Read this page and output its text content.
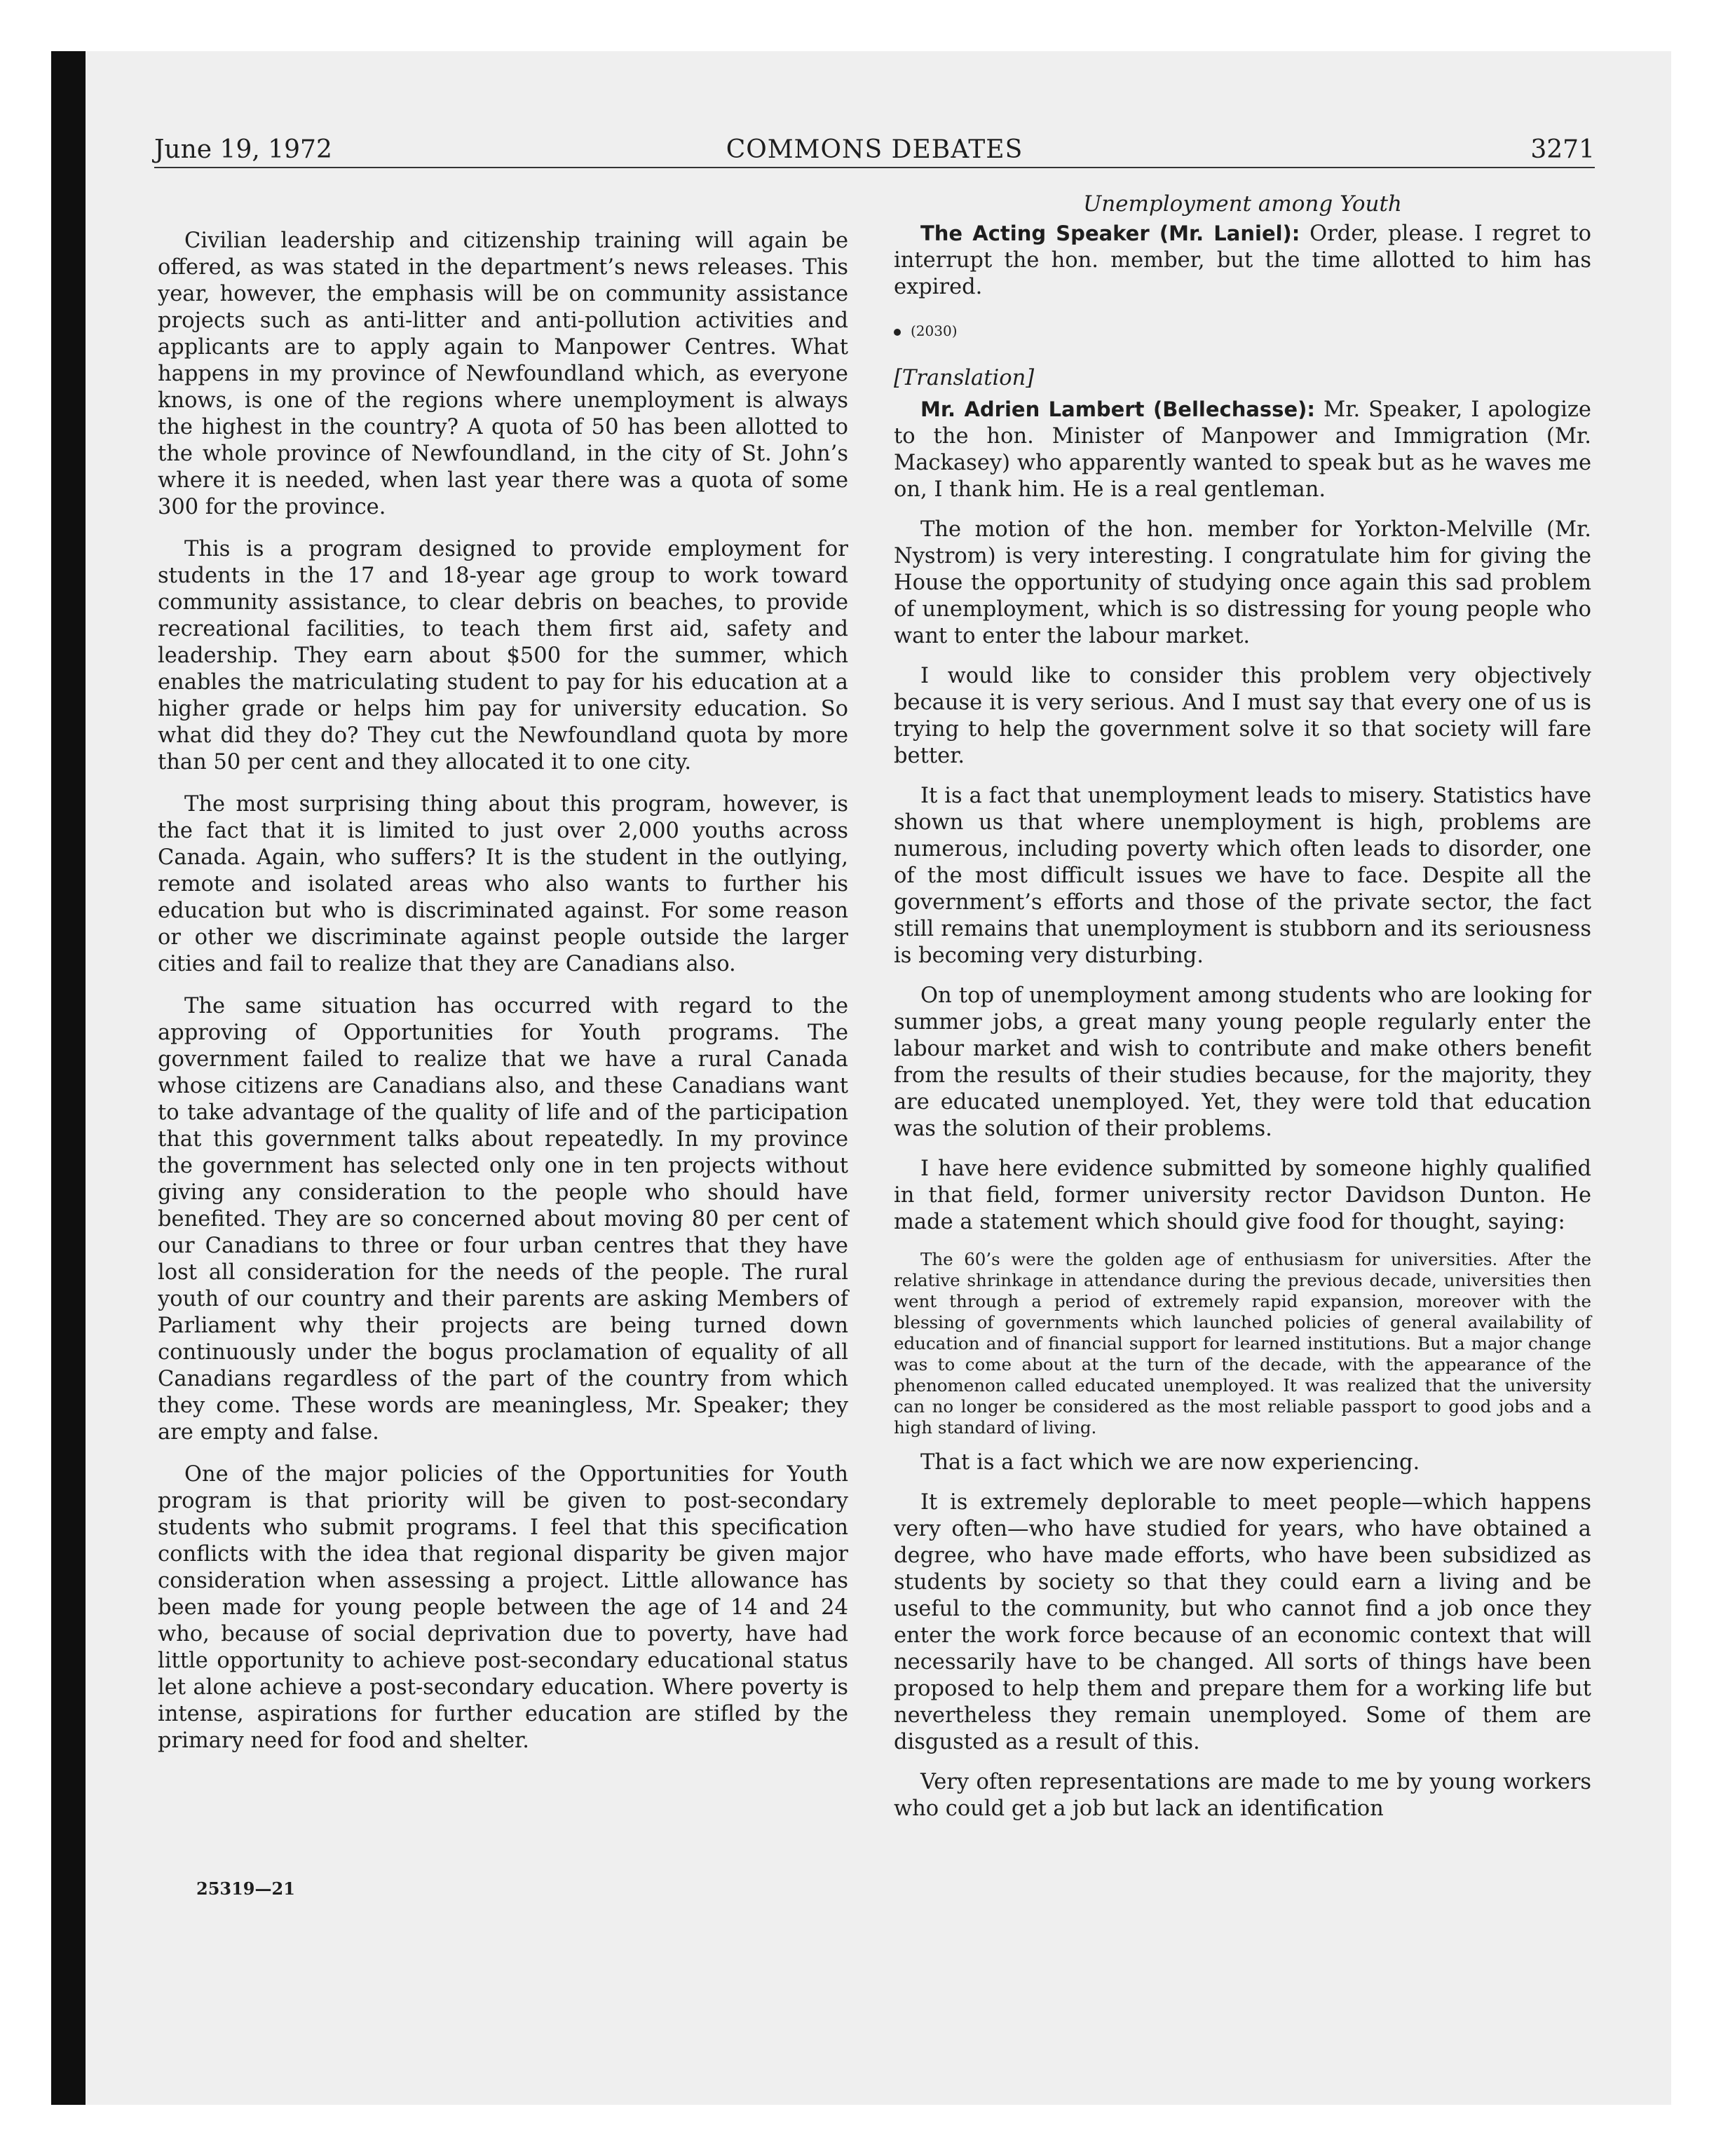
June 19, 1972	COMMONS DEBATES	3271

Civilian leadership and citizenship training will again be offered, as was stated in the department’s news releases. This year, however, the emphasis will be on community assistance projects such as anti-litter and anti-pollution activities and applicants are to apply again to Manpower Centres. What happens in my province of Newfoundland which, as everyone knows, is one of the regions where unemployment is always the highest in the country? A quota of 50 has been allotted to the whole province of Newfoundland, in the city of St. John’s where it is needed, when last year there was a quota of some 300 for the province.

This is a program designed to provide employment for students in the 17 and 18-year age group to work toward community assistance, to clear debris on beaches, to provide recreational facilities, to teach them first aid, safety and leadership. They earn about $500 for the summer, which enables the matriculating student to pay for his education at a higher grade or helps him pay for university education. So what did they do? They cut the Newfoundland quota by more than 50 per cent and they allocated it to one city.

The most surprising thing about this program, however, is the fact that it is limited to just over 2,000 youths across Canada. Again, who suffers? It is the student in the outlying, remote and isolated areas who also wants to further his education but who is discriminated against. For some reason or other we discriminate against people outside the larger cities and fail to realize that they are Canadians also.

The same situation has occurred with regard to the approving of Opportunities for Youth programs. The government failed to realize that we have a rural Canada whose citizens are Canadians also, and these Canadians want to take advantage of the quality of life and of the participation that this government talks about repeatedly. In my province the government has selected only one in ten projects without giving any consideration to the people who should have benefited. They are so concerned about moving 80 per cent of our Canadians to three or four urban centres that they have lost all consideration for the needs of the people. The rural youth of our country and their parents are asking Members of Parliament why their projects are being turned down continuously under the bogus proclamation of equality of all Canadians regardless of the part of the country from which they come. These words are meaningless, Mr. Speaker; they are empty and false.

One of the major policies of the Opportunities for Youth program is that priority will be given to post-secondary students who submit programs. I feel that this specification conflicts with the idea that regional disparity be given major consideration when assessing a project. Little allowance has been made for young people between the age of 14 and 24 who, because of social deprivation due to poverty, have had little opportunity to achieve post-secondary educational status let alone achieve a post-secondary education. Where poverty is intense, aspirations for further education are stifled by the primary need for food and shelter.

Unemployment among Youth

The Acting Speaker (Mr. Laniel): Order, please. I regret to interrupt the hon. member, but the time allotted to him has expired.

(2030)

[Translation]

Mr. Adrien Lambert (Bellechasse): Mr. Speaker, I apologize to the hon. Minister of Manpower and Immigration (Mr. Mackasey) who apparently wanted to speak but as he waves me on, I thank him. He is a real gentleman.

The motion of the hon. member for Yorkton-Melville (Mr. Nystrom) is very interesting. I congratulate him for giving the House the opportunity of studying once again this sad problem of unemployment, which is so distressing for young people who want to enter the labour market.

I would like to consider this problem very objectively because it is very serious. And I must say that every one of us is trying to help the government solve it so that society will fare better.

It is a fact that unemployment leads to misery. Statistics have shown us that where unemployment is high, problems are numerous, including poverty which often leads to disorder, one of the most difficult issues we have to face. Despite all the government’s efforts and those of the private sector, the fact still remains that unemployment is stubborn and its seriousness is becoming very disturbing.

On top of unemployment among students who are looking for summer jobs, a great many young people regularly enter the labour market and wish to contribute and make others benefit from the results of their studies because, for the majority, they are educated unemployed. Yet, they were told that education was the solution of their problems.

I have here evidence submitted by someone highly qualified in that field, former university rector Davidson Dunton. He made a statement which should give food for thought, saying:

The 60’s were the golden age of enthusiasm for universities. After the relative shrinkage in attendance during the previous decade, universities then went through a period of extremely rapid expansion, moreover with the blessing of governments which launched policies of general availability of education and of financial support for learned institutions. But a major change was to come about at the turn of the decade, with the appearance of the phenomenon called educated unemployed. It was realized that the university can no longer be considered as the most reliable passport to good jobs and a high standard of living.

That is a fact which we are now experiencing.

It is extremely deplorable to meet people—which happens very often—who have studied for years, who have obtained a degree, who have made efforts, who have been subsidized as students by society so that they could earn a living and be useful to the community, but who cannot find a job once they enter the work force because of an economic context that will necessarily have to be changed. All sorts of things have been proposed to help them and prepare them for a working life but nevertheless they remain unemployed. Some of them are disgusted as a result of this.

Very often representations are made to me by young workers who could get a job but lack an identification

25319—21
